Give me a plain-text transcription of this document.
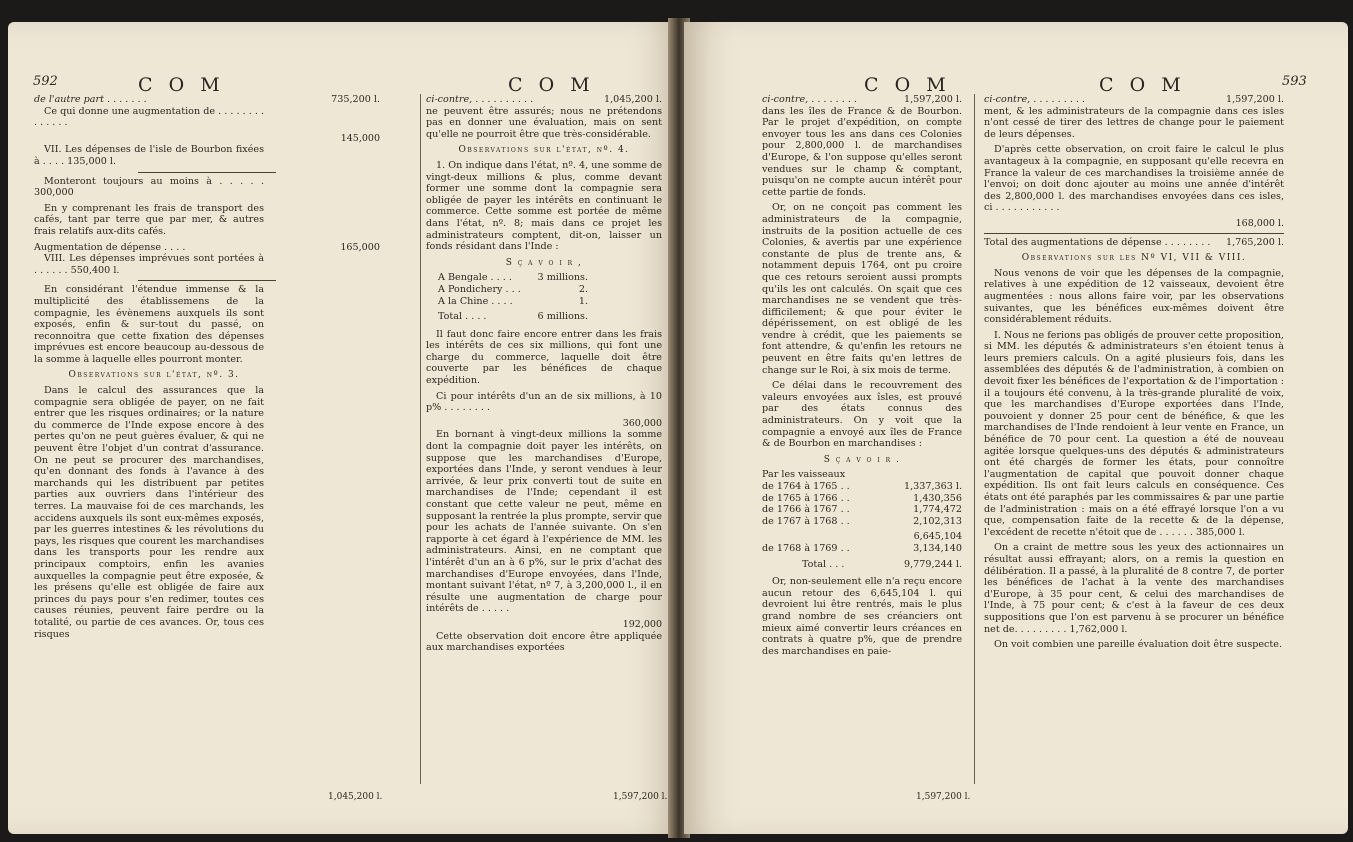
592	C O M	C O M
de l'autre part . . . . . . .	735,200 l.

Ce qui donne une augmentation de . . . . . . . . . . . . . .

145,000

VII. Les dépenses de l'isle de Bourbon fixées à . . . . 135,000 l.

Monteront toujours au moins à . . . . . 300,000

En y comprenant les frais de transport des cafés, tant par terre que par mer, & autres frais relatifs aux-dits cafés.

Augmentation de dépense . . . .	165,000

VIII. Les dépenses imprévues sont portées à . . . . . . 550,400 l.

En considérant l'étendue immense & la multiplicité des établissemens de la compagnie, les évènemens auxquels ils sont exposés, enfin & sur-tout du passé, on reconnoitra que cette fixation des dépenses imprévues est encore beaucoup au-dessous de la somme à laquelle elles pourront monter.

Observations sur l'état, nº. 3.

Dans le calcul des assurances que la compagnie sera obligée de payer, on ne fait entrer que les risques ordinaires; or la nature du commerce de l'Inde expose encore à des pertes qu'on ne peut guères évaluer, & qui ne peuvent être l'objet d'un contrat d'assurance. On ne peut se procurer des marchandises, qu'en donnant des fonds à l'avance à des marchands qui les distribuent par petites parties aux ouvriers dans l'intérieur des terres. La mauvaise foi de ces marchands, les accidens auxquels ils sont eux-mêmes exposés, par les guerres intestines & les révolutions du pays, les risques que courent les marchandises dans les transports pour les rendre aux principaux comptoirs, enfin les avanies auxquelles la compagnie peut être exposée, & les présens qu'elle est obligée de faire aux princes du pays pour s'en redimer, toutes ces causes réunies, peuvent faire perdre ou la totalité, ou partie de ces avances. Or, tous ces risques

1,045,200 l.
ci-contre, . . . . . . . . . .	1,045,200 l.

ne peuvent être assurés; nous ne prétendons pas en donner une évaluation, mais on sent qu'elle ne pourroit être que très-considérable.

Observations sur l'état, nº. 4.

1. On indique dans l'état, nº. 4, une somme de vingt-deux millions & plus, comme devant former une somme dont la compagnie sera obligée de payer les intérêts en continuant le commerce. Cette somme est portée de même dans l'état, nº. 8; mais dans ce projet les administrateurs comptent, dit-on, laisser un fonds résidant dans l'Inde :

S ç a v o i r ,
A Bengale . . . .	3 millions.
A Pondichery . . .	2.
A la Chine . . . .	1.
Total . . . .	6 millions.

Il faut donc faire encore entrer dans les frais les intérêts de ces six millions, qui font une charge du commerce, laquelle doit être couverte par les bénéfices de chaque expédition.

Ci pour intérêts d'un an de six millions, à 10 p% . . . . . . . .

360,000

En bornant à vingt-deux millions la somme dont la compagnie doit payer les intérêts, on suppose que les marchandises d'Europe, exportées dans l'Inde, y seront vendues à leur arrivée, & leur prix converti tout de suite en marchandises de l'Inde; cependant il est constant que cette valeur ne peut, même en supposant la rentrée la plus prompte, servir que pour les achats de l'année suivante. On s'en rapporte à cet égard à l'expérience de MM. les administrateurs. Ainsi, en ne comptant que l'intérêt d'un an à 6 p%, sur le prix d'achat des marchandises d'Europe envoyées, dans l'Inde, montant suivant l'état, nº 7, à 3,200,000 l., il en résulte une augmentation de charge pour intérêts de . . . . .

192,000

Cette observation doit encore être appliquée aux marchandises exportées

1,597,200 l.
C O M	C O M	593
ci-contre, . . . . . . . .	1,597,200 l.

dans les îles de France & de Bourbon. Par le projet d'expédition, on compte envoyer tous les ans dans ces Colonies pour 2,800,000 l. de marchandises d'Europe, & l'on suppose qu'elles seront vendues sur le champ & comptant, puisqu'on ne compte aucun intérêt pour cette partie de fonds.

Or, on ne conçoit pas comment les administrateurs de la compagnie, instruits de la position actuelle de ces Colonies, & avertis par une expérience constante de plus de trente ans, & notamment depuis 1764, ont pu croire que ces retours seroient aussi prompts qu'ils les ont calculés. On sçait que ces marchandises ne se vendent que très-difficilement; & que pour éviter le dépérissement, on est obligé de les vendre à crédit, que les paiements se font attendre, & qu'enfin les retours ne peuvent en être faits qu'en lettres de change sur le Roi, à six mois de terme.

Ce délai dans le recouvrement des valeurs envoyées aux îsles, est prouvé par des états connus des administrateurs. On y voit que la compagnie a envoyé aux îles de France & de Bourbon en marchandises :

S ç a v o i r .
Par les vaisseaux
de 1764 à 1765 . .	1,337,363 l.
de 1765 à 1766 . .	1,430,356
de 1766 à 1767 . .	1,774,472
de 1767 à 1768 . .	2,102,313
6,645,104
de 1768 à 1769 . .	3,134,140
Total . . .	9,779,244 l.

Or, non-seulement elle n'a reçu encore aucun retour des 6,645,104 l. qui devroient lui être rentrés, mais le plus grand nombre de ses créanciers ont mieux aimé convertir leurs créances en contrats à quatre p%, que de prendre des marchandises en paie-

1,597,200 l.
ci-contre, . . . . . . . . .	1,597,200 l.

ment, & les administrateurs de la compagnie dans ces isles n'ont cessé de tirer des lettres de change pour le paiement de leurs dépenses.

D'après cette observation, on croit faire le calcul le plus avantageux à la compagnie, en supposant qu'elle recevra en France la valeur de ces marchandises la troisième année de l'envoi; on doit donc ajouter au moins une année d'intérêt des 2,800,000 l. des marchandises envoyées dans ces isles, ci . . . . . . . . . . .

168,000 l.
Total des augmentations de dépense . . . . . . . . 1,765,200 l.
Observations sur les Nº VI, VII & VIII.

Nous venons de voir que les dépenses de la compagnie, relatives à une expédition de 12 vaisseaux, devoient être augmentées : nous allons faire voir, par les observations suivantes, que les bénéfices eux-mêmes doivent être considérablement réduits.

I. Nous ne ferions pas obligés de prouver cette proposition, si MM. les députés & administrateurs s'en étoient tenus à leurs premiers calculs. On a agité plusieurs fois, dans les assemblées des députés & de l'administration, à combien on devoit fixer les bénéfices de l'exportation & de l'importation : il a toujours été convenu, à la très-grande pluralité de voix, que les marchandises d'Europe exportées dans l'Inde, pouvoient y donner 25 pour cent de bénéfice, & que les marchandises de l'Inde rendoient à leur vente en France, un bénéfice de 70 pour cent. La question a été de nouveau agitée lorsque quelques-uns des députés & administrateurs ont été chargés de former les états, pour connoître l'augmentation de capital que pouvoit donner chaque expédition. Ils ont fait leurs calculs en conséquence. Ces états ont été paraphés par les commissaires & par une partie de l'administration : mais on a été effrayé lorsque l'on a vu que, compensation faite de la recette & de la dépense, l'excédent de recette n'étoit que de . . . . . . 385,000 l.

On a craint de mettre sous les yeux des actionnaires un résultat aussi effrayant; alors, on a remis la question en délibération. Il a passé, à la pluralité de 8 contre 7, de porter les bénéfices de l'achat à la vente des marchandises d'Europe, à 35 pour cent, & celui des marchandises de l'Inde, à 75 pour cent; & c'est à la faveur de ces deux suppositions que l'on est parvenu à se procurer un bénéfice net de. . . . . . . . . 1,762,000 l.

On voit combien une pareille évaluation doit être suspecte.
